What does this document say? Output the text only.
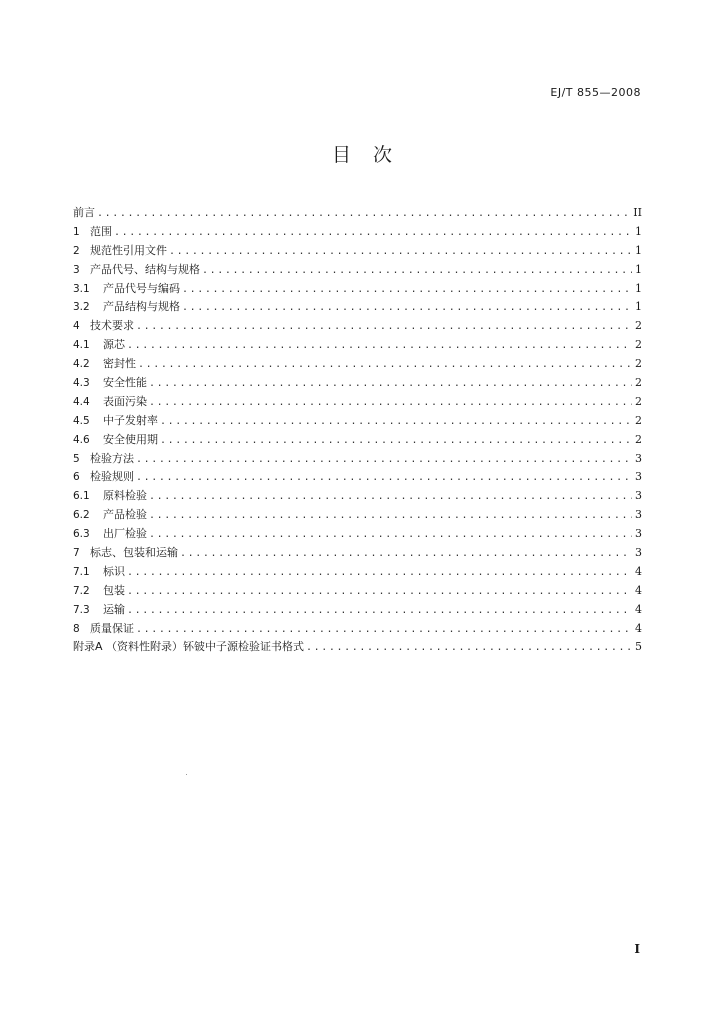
EJ/T 855—2008
目次
前言 .....	II
1 范围 .....	1
2 规范性引用文件 .....	1
3 产品代号、结构与规格 .....	1
3.1	产品代号与编码 .....	1
3.2	产品结构与规格 .....	1
4 技术要求 .....	2
4.1	源芯 .....	2
4.2	密封性 .....	2
4.3	安全性能 .....	2
4.4	表面污染 .....	2
4.5	中子发射率 .....	2
4.6	安全使用期 .....	2
5 检验方法 .....	3
6 检验规则 .....	3
6.1	原料检验 .....	3
6.2	产品检验 .....	3
6.3	出厂检验 .....	3
7 标志、包装和运输 .....	3
7.1	标识 .....	4
7.2	包装 .....	4
7.3	运输 .....	4
8 质量保证 .....	4
附录A （资料性附录）钚铍中子源检验证书格式 .....	5
I
